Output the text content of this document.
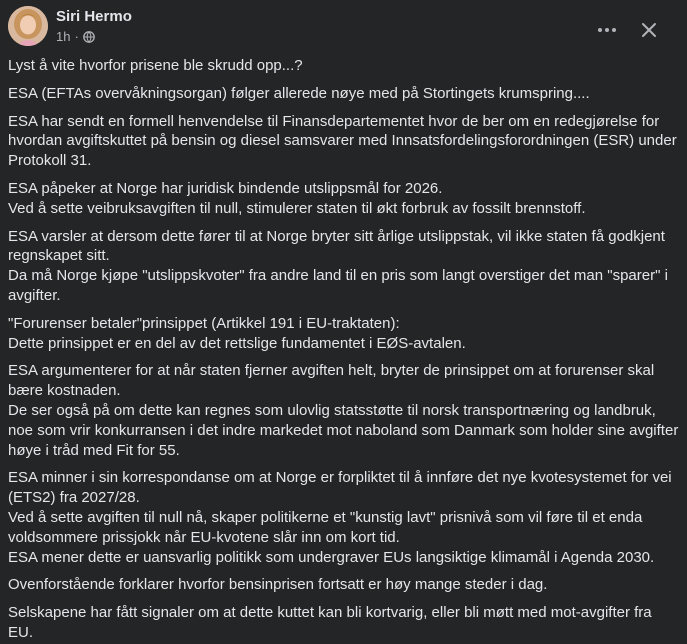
Siri Hermo
1h ·
Lyst å vite hvorfor prisene ble skrudd opp...?
ESA (EFTAs overvåkningsorgan) følger allerede nøye med på Stortingets krumspring....
ESA har sendt en formell henvendelse til Finansdepartementet hvor de ber om en redegjørelse for hvordan avgiftskuttet på bensin og diesel samsvarer med Innsatsfordelingsforordningen (ESR) under Protokoll 31.
ESA påpeker at Norge har juridisk bindende utslippsmål for 2026.
Ved å sette veibruksavgiften til null, stimulerer staten til økt forbruk av fossilt brennstoff.
ESA varsler at dersom dette fører til at Norge bryter sitt årlige utslippstak, vil ikke staten få godkjent regnskapet sitt.
Da må Norge kjøpe "utslippskvoter" fra andre land til en pris som langt overstiger det man "sparer" i avgifter.
"Forurenser betaler"prinsippet (Artikkel 191 i EU-traktaten):
Dette prinsippet er en del av det rettslige fundamentet i EØS-avtalen.
ESA argumenterer for at når staten fjerner avgiften helt, bryter de prinsippet om at forurenser skal bære kostnaden.
De ser også på om dette kan regnes som ulovlig statsstøtte til norsk transportnæring og landbruk, noe som vrir konkurransen i det indre markedet mot naboland som Danmark som holder sine avgifter høye i tråd med Fit for 55.
ESA minner i sin korrespondanse om at Norge er forpliktet til å innføre det nye kvotesystemet for vei (ETS2) fra 2027/28.
Ved å sette avgiften til null nå, skaper politikerne et "kunstig lavt" prisnivå som vil føre til et enda voldsommere prissjokk når EU-kvotene slår inn om kort tid.
ESA mener dette er uansvarlig politikk som undergraver EUs langsiktige klimamål i Agenda 2030.
Ovenforstående forklarer hvorfor bensinprisen fortsatt er høy mange steder i dag.
Selskapene har fått signaler om at dette kuttet kan bli kortvarig, eller bli møtt med mot-avgifter fra EU.
